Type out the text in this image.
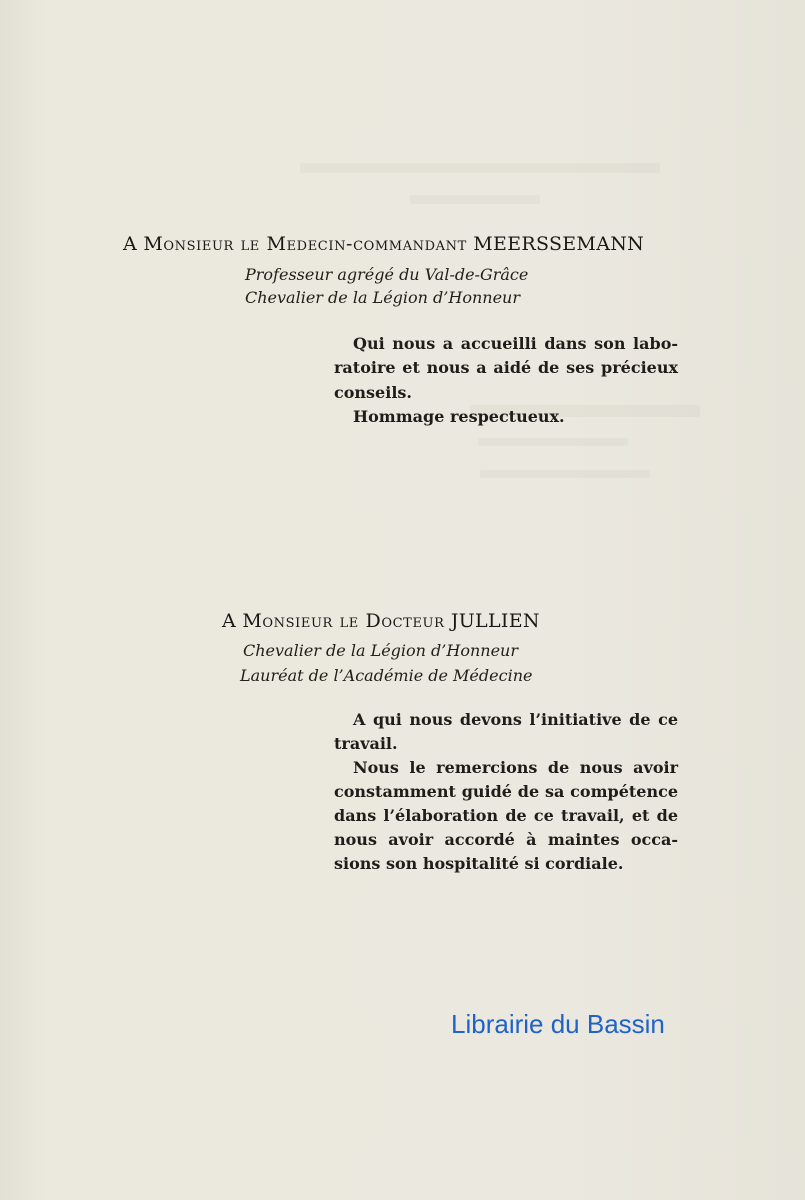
A Monsieur le Medecin-commandant MEERSSEMANN

Professeur agrégé du Val-de-Grâce

Chevalier de la Légion d’Honneur

Qui nous a accueilli dans son labo-

ratoire et nous a aidé de ses précieux

conseils.

Hommage respectueux.

A Monsieur le Docteur JULLIEN

Chevalier de la Légion d’Honneur

Lauréat de l’Académie de Médecine

A qui nous devons l’initiative de ce

travail.

Nous le remercions de nous avoir

constamment guidé de sa compétence

dans l’élaboration de ce travail, et de

nous avoir accordé à maintes occa-

sions son hospitalité si cordiale.

Librairie du Bassin
